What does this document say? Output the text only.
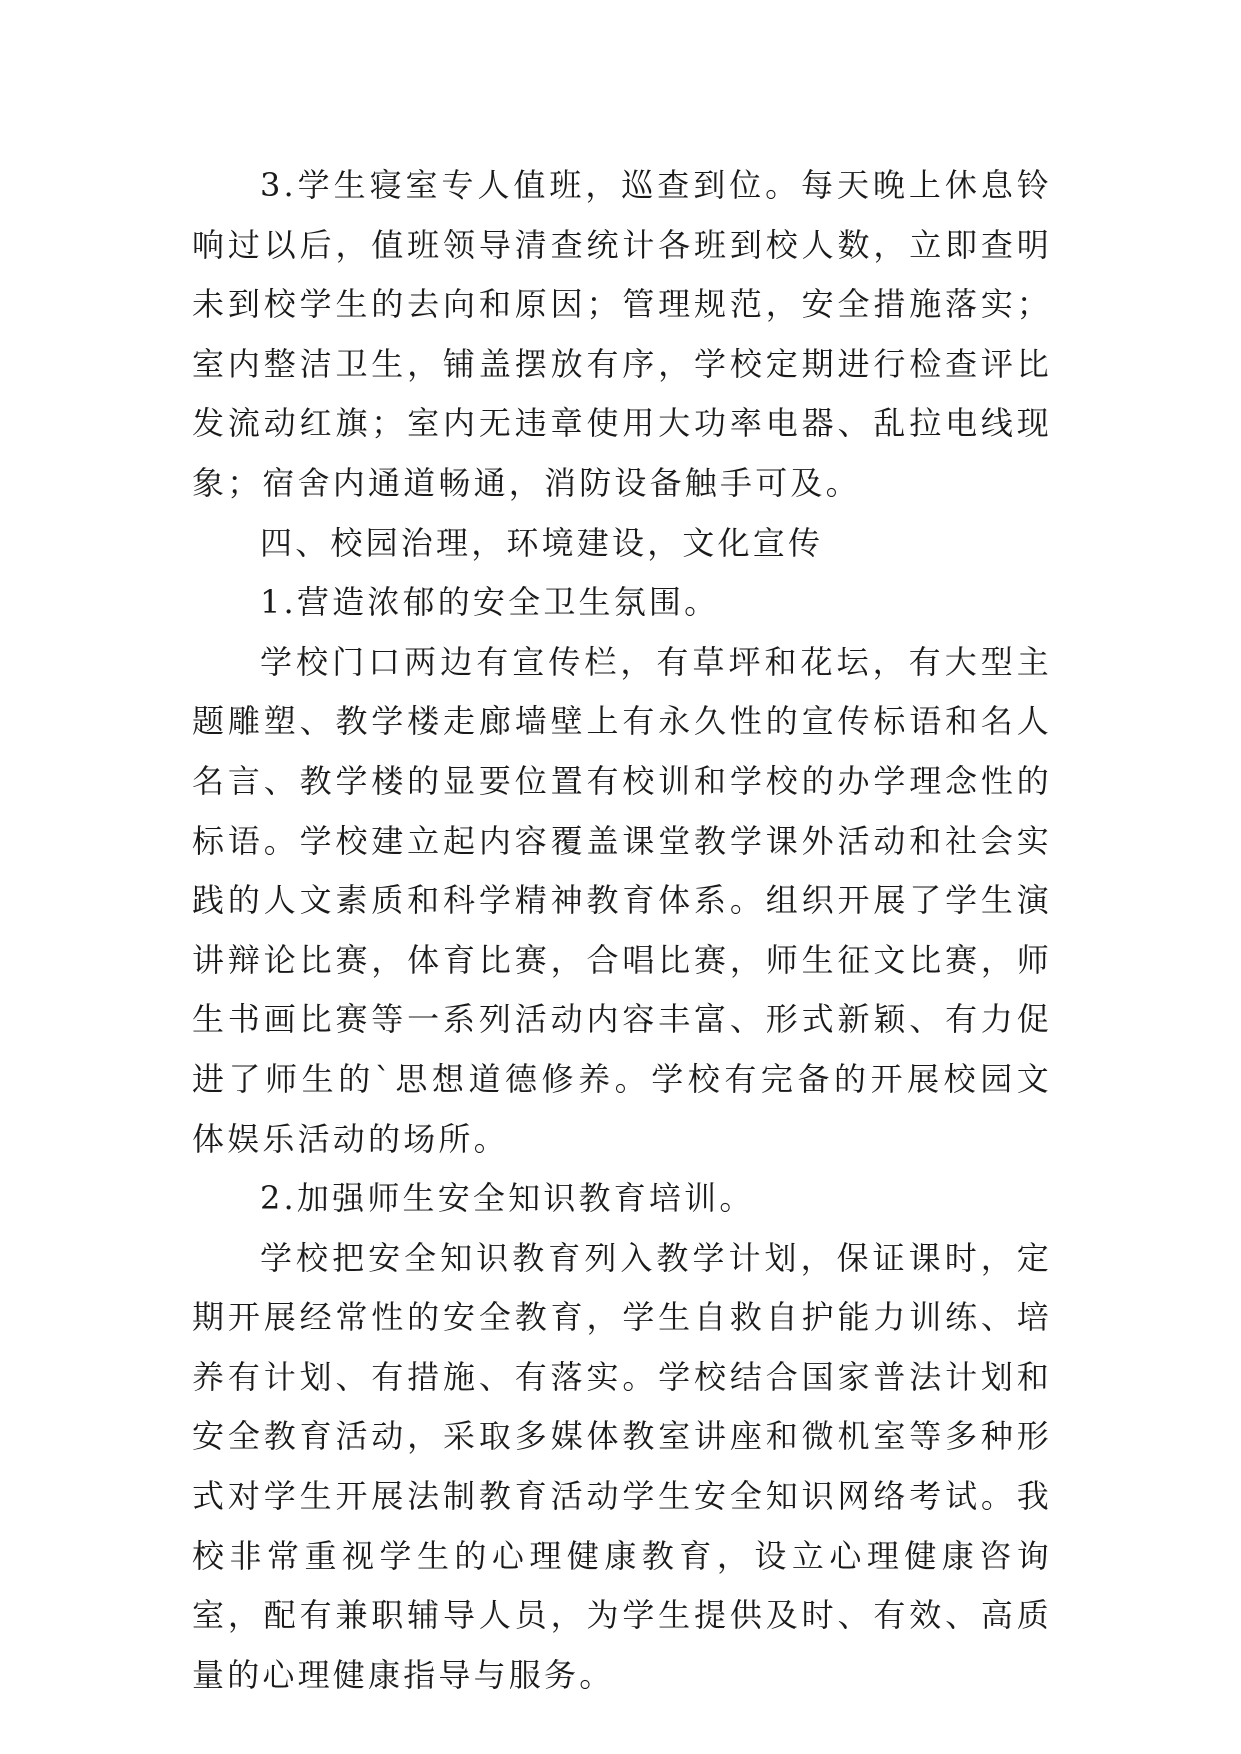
3.学生寝室专人值班，巡查到位。每天晚上休息铃响过以后，值班领导清查统计各班到校人数，立即查明未到校学生的去向和原因；管理规范，安全措施落实；室内整洁卫生，铺盖摆放有序，学校定期进行检查评比发流动红旗；室内无违章使用大功率电器、乱拉电线现象；宿舍内通道畅通，消防设备触手可及。

四、校园治理，环境建设，文化宣传

1.营造浓郁的安全卫生氛围。

学校门口两边有宣传栏，有草坪和花坛，有大型主题雕塑、教学楼走廊墙壁上有永久性的宣传标语和名人名言、教学楼的显要位置有校训和学校的办学理念性的标语。学校建立起内容覆盖课堂教学课外活动和社会实践的人文素质和科学精神教育体系。组织开展了学生演讲辩论比赛，体育比赛，合唱比赛，师生征文比赛，师生书画比赛等一系列活动内容丰富、形式新颖、有力促进了师生的`思想道德修养。学校有完备的开展校园文体娱乐活动的场所。

2.加强师生安全知识教育培训。

学校把安全知识教育列入教学计划，保证课时，定期开展经常性的安全教育，学生自救自护能力训练、培养有计划、有措施、有落实。学校结合国家普法计划和安全教育活动，采取多媒体教室讲座和微机室等多种形式对学生开展法制教育活动学生安全知识网络考试。我校非常重视学生的心理健康教育，设立心理健康咨询室，配有兼职辅导人员，为学生提供及时、有效、高质量的心理健康指导与服务。
